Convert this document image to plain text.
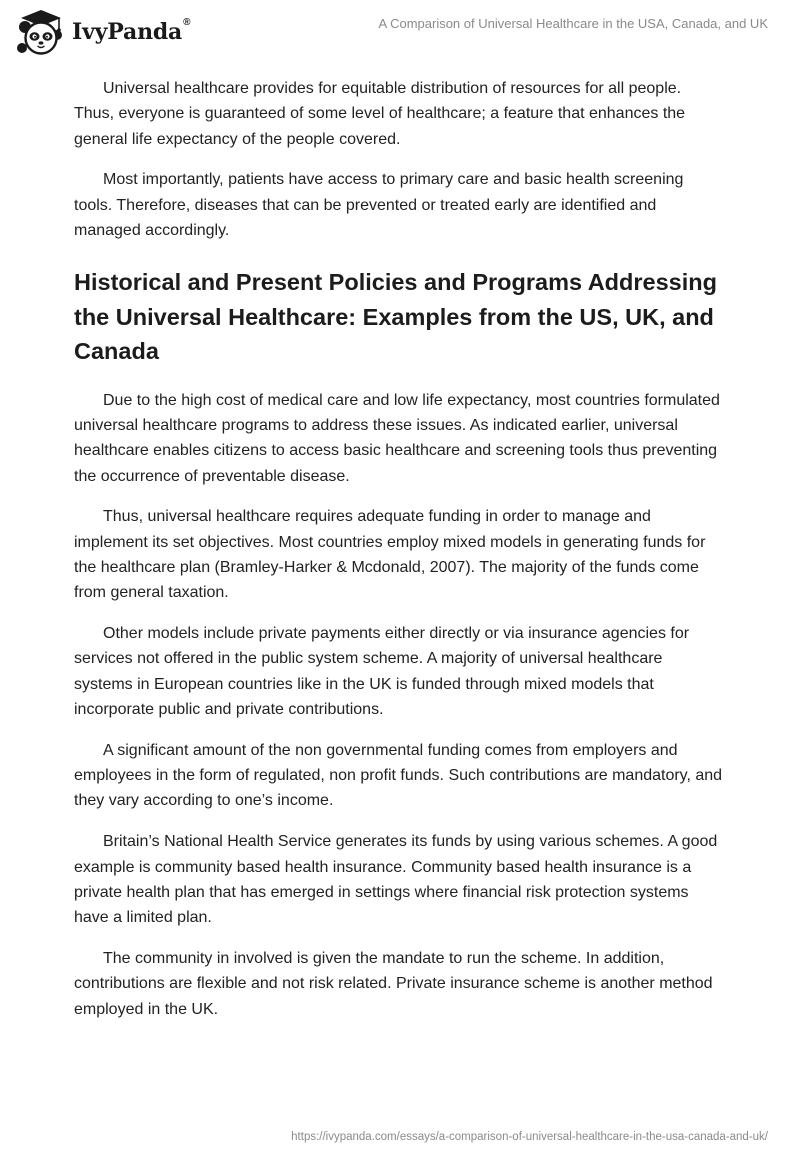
IvyPanda®	A Comparison of Universal Healthcare in the USA, Canada, and UK

Universal healthcare provides for equitable distribution of resources for all people. Thus, everyone is guaranteed of some level of healthcare; a feature that enhances the general life expectancy of the people covered.

Most importantly, patients have access to primary care and basic health screening tools. Therefore, diseases that can be prevented or treated early are identified and managed accordingly.

Historical and Present Policies and Programs Addressing the Universal Healthcare: Examples from the US, UK, and Canada

Due to the high cost of medical care and low life expectancy, most countries formulated universal healthcare programs to address these issues. As indicated earlier, universal healthcare enables citizens to access basic healthcare and screening tools thus preventing the occurrence of preventable disease.

Thus, universal healthcare requires adequate funding in order to manage and implement its set objectives. Most countries employ mixed models in generating funds for the healthcare plan (Bramley-Harker & Mcdonald, 2007). The majority of the funds come from general taxation.

Other models include private payments either directly or via insurance agencies for services not offered in the public system scheme. A majority of universal healthcare systems in European countries like in the UK is funded through mixed models that incorporate public and private contributions.

A significant amount of the non governmental funding comes from employers and employees in the form of regulated, non profit funds. Such contributions are mandatory, and they vary according to one’s income.

Britain’s National Health Service generates its funds by using various schemes. A good example is community based health insurance. Community based health insurance is a private health plan that has emerged in settings where financial risk protection systems have a limited plan.

The community in involved is given the mandate to run the scheme. In addition, contributions are flexible and not risk related. Private insurance scheme is another method employed in the UK.

https://ivypanda.com/essays/a-comparison-of-universal-healthcare-in-the-usa-canada-and-uk/
